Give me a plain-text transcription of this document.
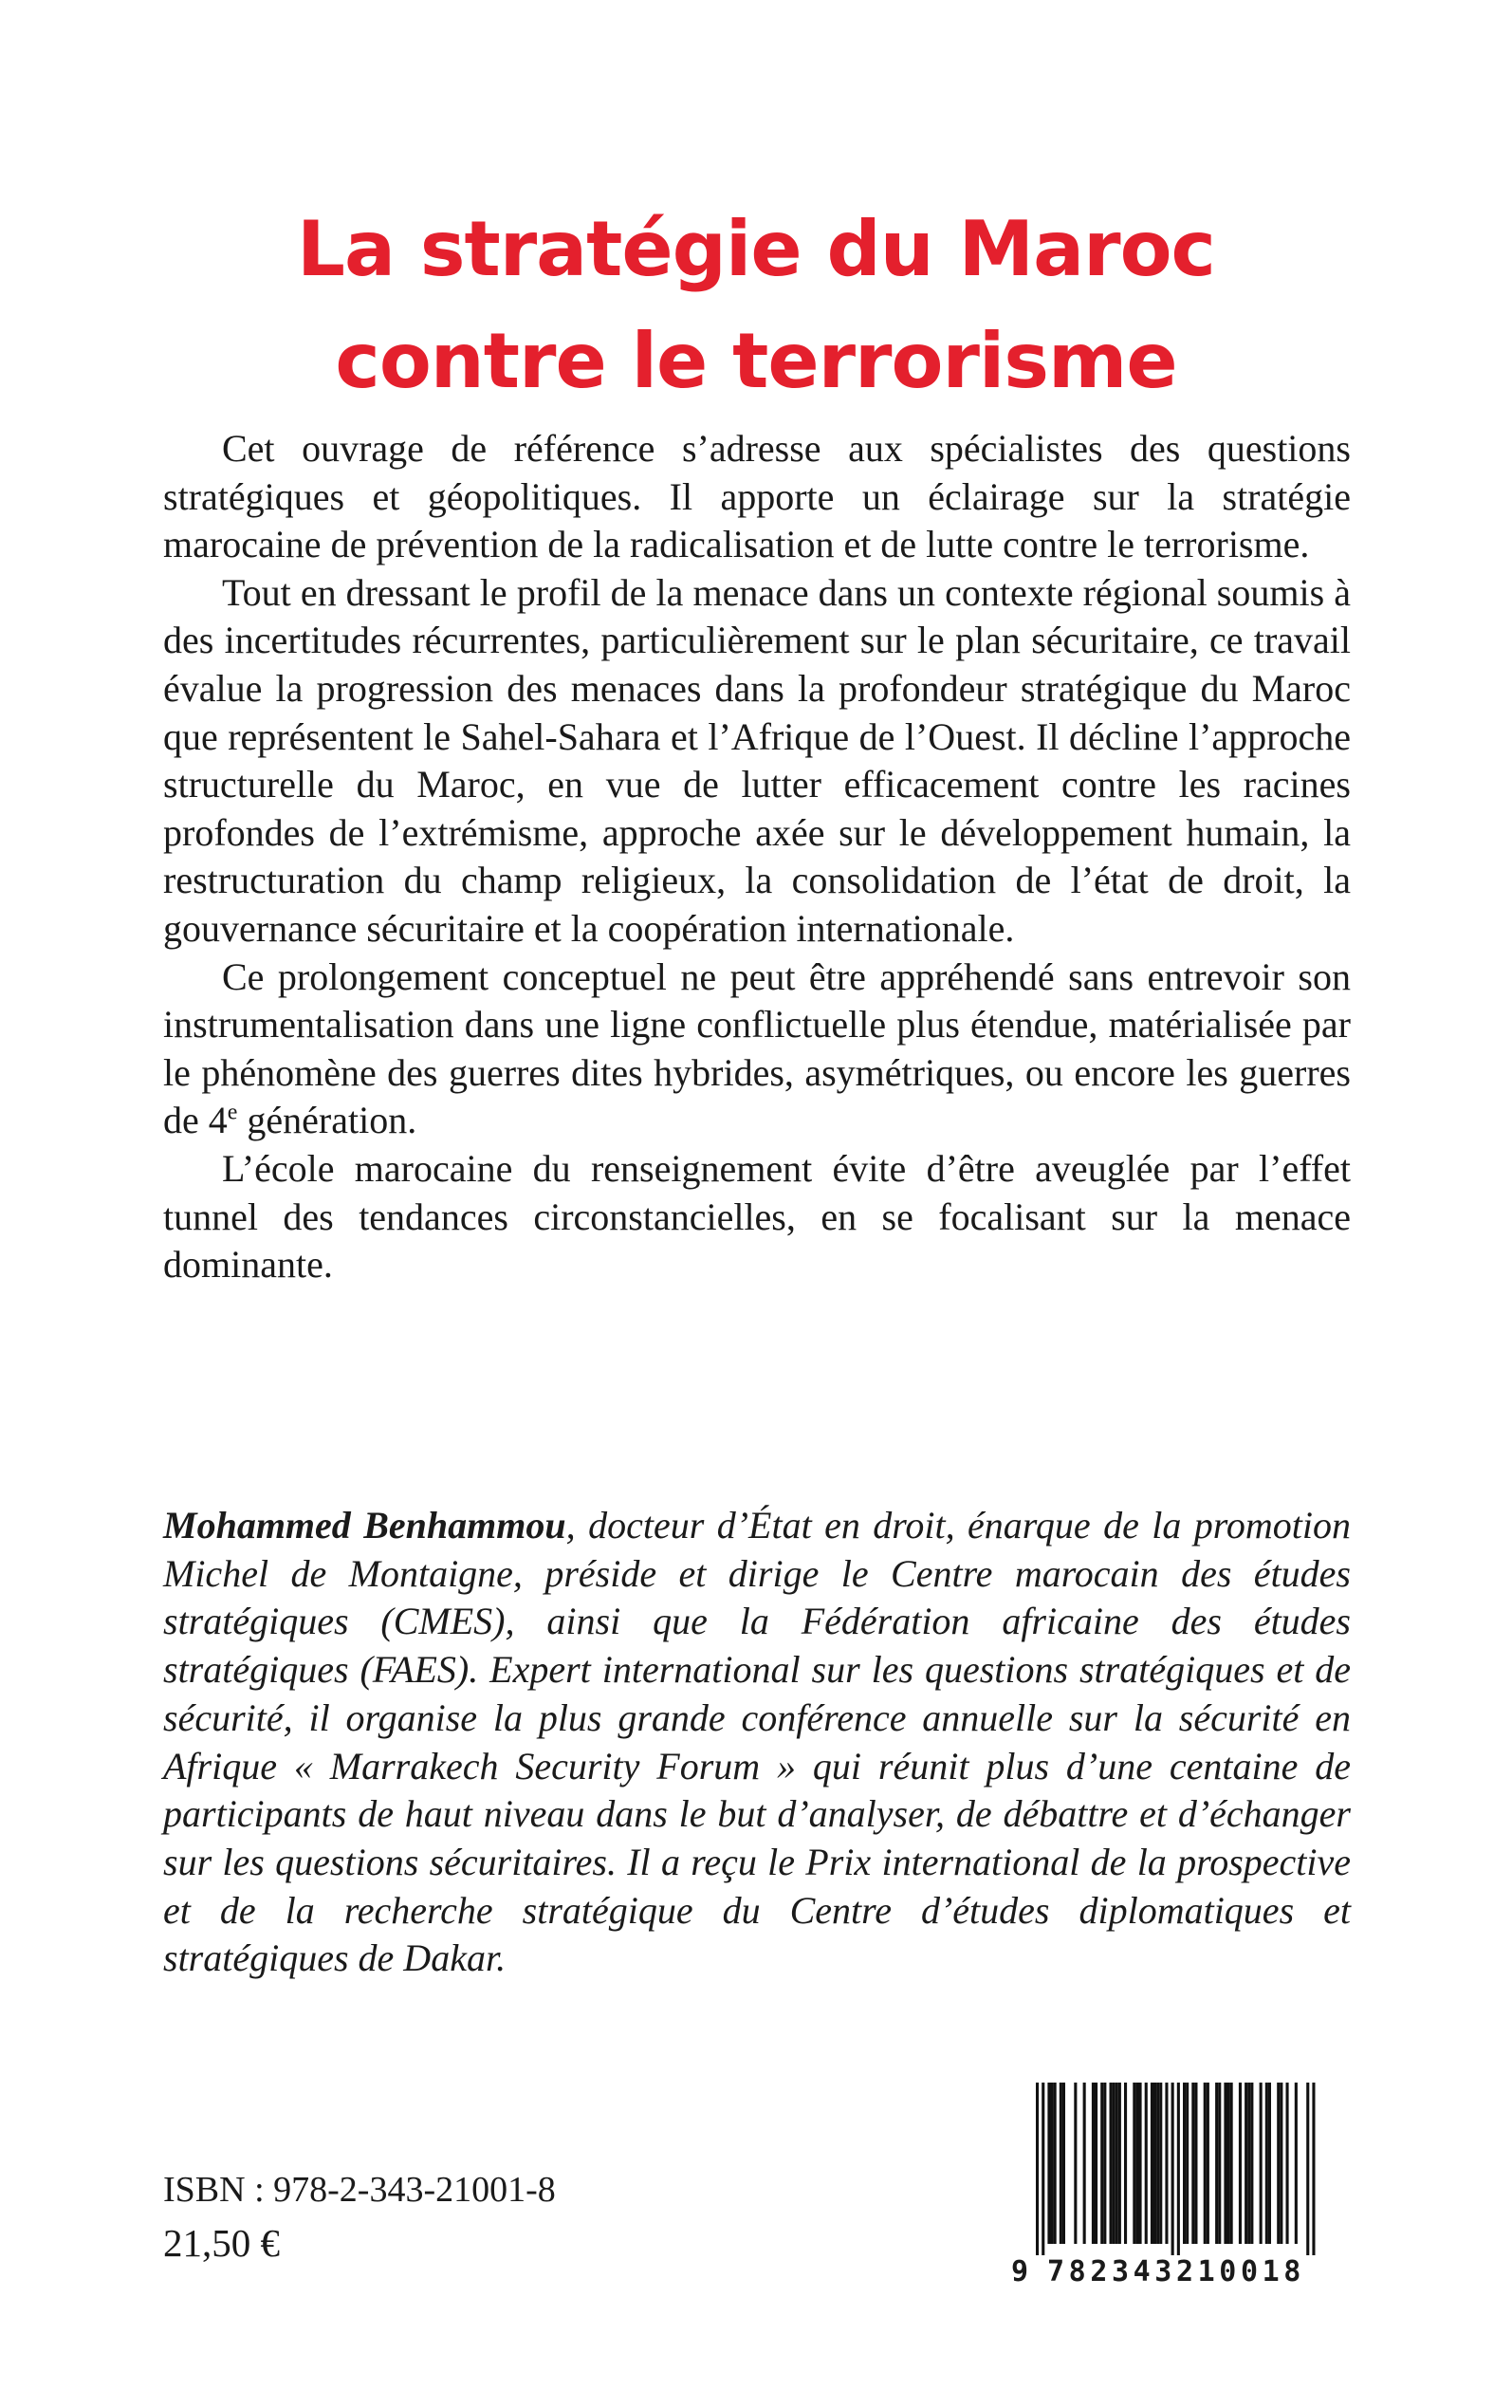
La stratégie du Maroc
contre le terrorisme

Cet ouvrage de référence s’adresse aux spécialistes des questions stratégiques et géopolitiques. Il apporte un éclairage sur la stratégie marocaine de prévention de la radicalisation et de lutte contre le terrorisme.

Tout en dressant le profil de la menace dans un contexte régional soumis à des incertitudes récurrentes, particulièrement sur le plan sécuritaire, ce travail évalue la progression des menaces dans la profondeur stratégique du Maroc que représentent le Sahel-Sahara et l’Afrique de l’Ouest. Il décline l’approche structurelle du Maroc, en vue de lutter efficacement contre les racines profondes de l’extrémisme, approche axée sur le développement humain, la restructuration du champ religieux, la consolidation de l’état de droit, la gouvernance sécuritaire et la coopération internationale.

Ce prolongement conceptuel ne peut être appréhendé sans entrevoir son instrumentalisation dans une ligne conflictuelle plus étendue, matérialisée par le phénomène des guerres dites hybrides, asymétriques, ou encore les guerres de 4e génération.

L’école marocaine du renseignement évite d’être aveuglée par l’effet tunnel des tendances circonstancielles, en se focalisant sur la menace dominante.

Mohammed Benhammou, docteur d’État en droit, énarque de la promotion Michel de Montaigne, préside et dirige le Centre marocain des études stratégiques (CMES), ainsi que la Fédération africaine des études stratégiques (FAES). Expert international sur les questions stratégiques et de sécurité, il organise la plus grande conférence annuelle sur la sécurité en Afrique « Marrakech Security Forum » qui réunit plus d’une centaine de participants de haut niveau dans le but d’analyser, de débattre et d’échanger sur les questions sécuritaires. Il a reçu le Prix international de la prospective et de la recherche stratégique du Centre d’études diplomatiques et stratégiques de Dakar.
ISBN : 978-2-343-21001-8
21,50 €
9 782343210018
